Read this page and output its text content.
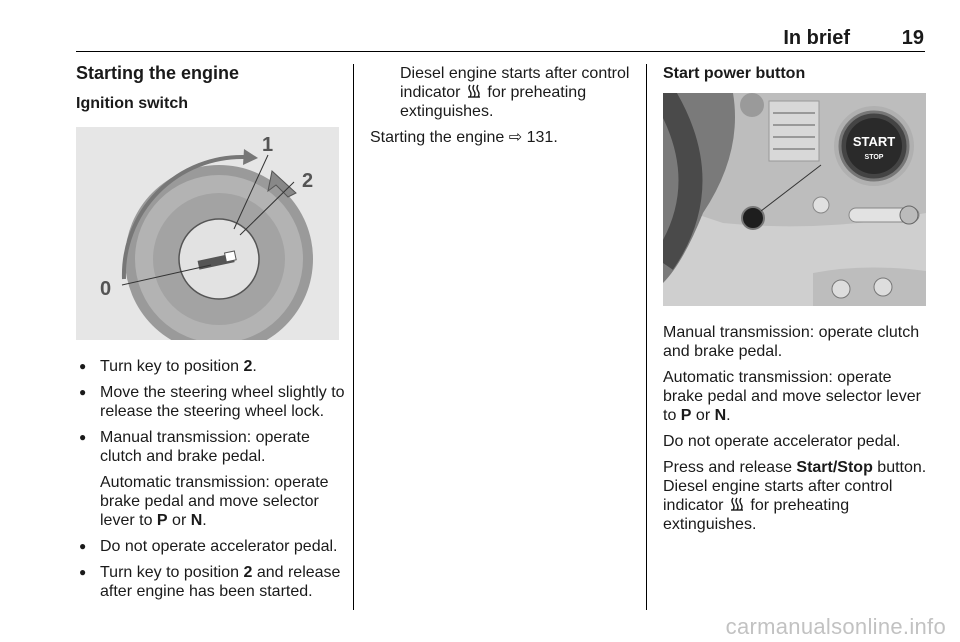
In brief	19
Starting the engine
Ignition switch
1
2
0
● Turn key to position 2.
● Move the steering wheel slightly to release the steering wheel lock.
● Manual transmission: operate clutch and brake pedal.
Automatic transmission: operate brake pedal and move selector lever to P or N.
● Do not operate accelerator pedal.
● Turn key to position 2 and release after engine has been started.
Diesel engine starts after control indicator  for preheating extinguishes.
Starting the engine ⇨ 131.
Start power button
START
STOP
Manual transmission: operate clutch and brake pedal.
Automatic transmission: operate brake pedal and move selector lever to P or N.
Do not operate accelerator pedal.
Press and release Start/Stop button.
Diesel engine starts after control indicator  for preheating extinguishes.
carmanualsonline.info
